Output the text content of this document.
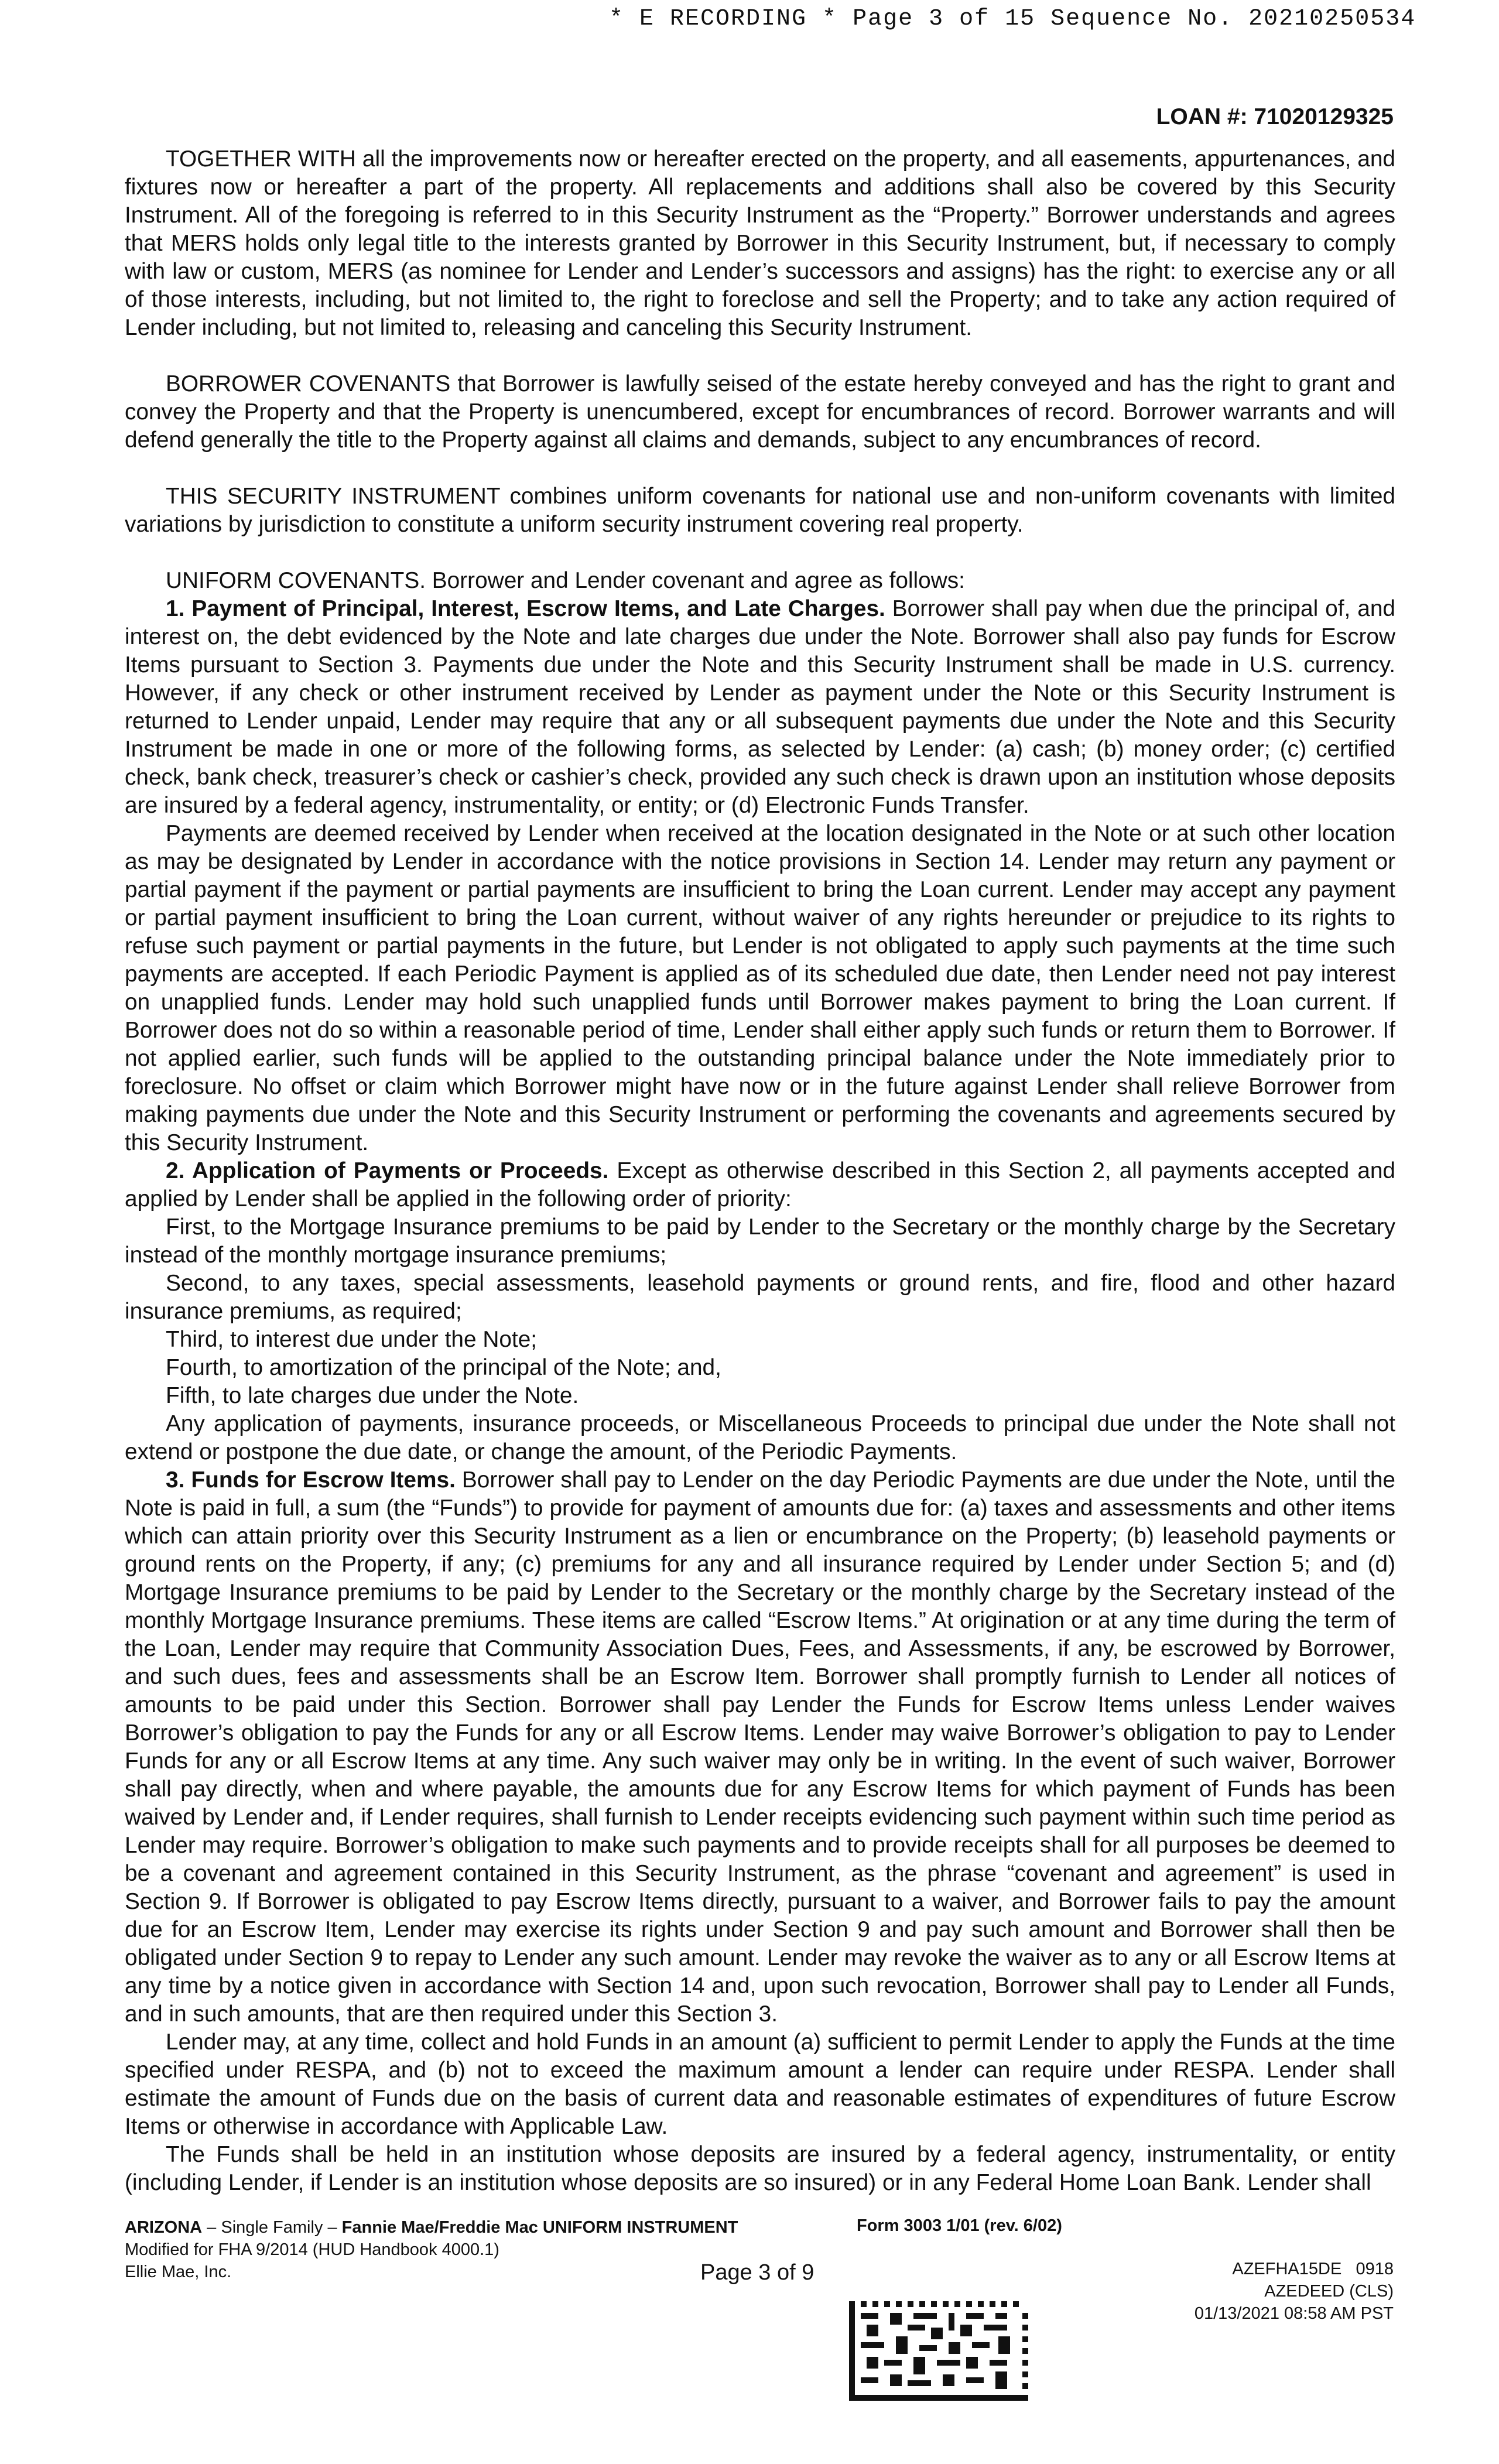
* E RECORDING * Page 3 of 15 Sequence No. 20210250534
LOAN #: 71020129325

TOGETHER WITH all the improvements now or hereafter erected on the property, and all easements, appurtenances, and fixtures now or hereafter a part of the property. All replacements and additions shall also be covered by this Security Instrument. All of the foregoing is referred to in this Security Instrument as the “Property.” Borrower understands and agrees that MERS holds only legal title to the interests granted by Borrower in this Security Instrument, but, if necessary to comply with law or custom, MERS (as nominee for Lender and Lender’s successors and assigns) has the right: to exercise any or all of those interests, including, but not limited to, the right to foreclose and sell the Property; and to take any action required of Lender including, but not limited to, releasing and canceling this Security Instrument.

BORROWER COVENANTS that Borrower is lawfully seised of the estate hereby conveyed and has the right to grant and convey the Property and that the Property is unencumbered, except for encumbrances of record. Borrower warrants and will defend generally the title to the Property against all claims and demands, subject to any encumbrances of record.

THIS SECURITY INSTRUMENT combines uniform covenants for national use and non-uniform covenants with limited variations by jurisdiction to constitute a uniform security instrument covering real property.

UNIFORM COVENANTS. Borrower and Lender covenant and agree as follows:

1. Payment of Principal, Interest, Escrow Items, and Late Charges. Borrower shall pay when due the principal of, and interest on, the debt evidenced by the Note and late charges due under the Note. Borrower shall also pay funds for Escrow Items pursuant to Section 3. Payments due under the Note and this Security Instrument shall be made in U.S. currency. However, if any check or other instrument received by Lender as payment under the Note or this Security Instrument is returned to Lender unpaid, Lender may require that any or all subsequent payments due under the Note and this Security Instrument be made in one or more of the following forms, as selected by Lender: (a) cash; (b) money order; (c) certified check, bank check, treasurer’s check or cashier’s check, provided any such check is drawn upon an institution whose deposits are insured by a federal agency, instrumentality, or entity; or (d) Electronic Funds Transfer.

Payments are deemed received by Lender when received at the location designated in the Note or at such other location as may be designated by Lender in accordance with the notice provisions in Section 14. Lender may return any payment or partial payment if the payment or partial payments are insufficient to bring the Loan current. Lender may accept any payment or partial payment insufficient to bring the Loan current, without waiver of any rights hereunder or prejudice to its rights to refuse such payment or partial payments in the future, but Lender is not obligated to apply such payments at the time such payments are accepted. If each Periodic Payment is applied as of its scheduled due date, then Lender need not pay interest on unapplied funds. Lender may hold such unapplied funds until Borrower makes payment to bring the Loan current. If Borrower does not do so within a reasonable period of time, Lender shall either apply such funds or return them to Borrower. If not applied earlier, such funds will be applied to the outstanding principal balance under the Note immediately prior to foreclosure. No offset or claim which Borrower might have now or in the future against Lender shall relieve Borrower from making payments due under the Note and this Security Instrument or performing the covenants and agreements secured by this Security Instrument.

2. Application of Payments or Proceeds. Except as otherwise described in this Section 2, all payments accepted and applied by Lender shall be applied in the following order of priority:

First, to the Mortgage Insurance premiums to be paid by Lender to the Secretary or the monthly charge by the Secretary instead of the monthly mortgage insurance premiums;

Second, to any taxes, special assessments, leasehold payments or ground rents, and fire, flood and other hazard insurance premiums, as required;

Third, to interest due under the Note;

Fourth, to amortization of the principal of the Note; and,

Fifth, to late charges due under the Note.

Any application of payments, insurance proceeds, or Miscellaneous Proceeds to principal due under the Note shall not extend or postpone the due date, or change the amount, of the Periodic Payments.

3. Funds for Escrow Items. Borrower shall pay to Lender on the day Periodic Payments are due under the Note, until the Note is paid in full, a sum (the “Funds”) to provide for payment of amounts due for: (a) taxes and assessments and other items which can attain priority over this Security Instrument as a lien or encumbrance on the Property; (b) leasehold payments or ground rents on the Property, if any; (c) premiums for any and all insurance required by Lender under Section 5; and (d) Mortgage Insurance premiums to be paid by Lender to the Secretary or the monthly charge by the Secretary instead of the monthly Mortgage Insurance premiums. These items are called “Escrow Items.” At origination or at any time during the term of the Loan, Lender may require that Community Association Dues, Fees, and Assessments, if any, be escrowed by Borrower, and such dues, fees and assessments shall be an Escrow Item. Borrower shall promptly furnish to Lender all notices of amounts to be paid under this Section. Borrower shall pay Lender the Funds for Escrow Items unless Lender waives Borrower’s obligation to pay the Funds for any or all Escrow Items. Lender may waive Borrower’s obligation to pay to Lender Funds for any or all Escrow Items at any time. Any such waiver may only be in writing. In the event of such waiver, Borrower shall pay directly, when and where payable, the amounts due for any Escrow Items for which payment of Funds has been waived by Lender and, if Lender requires, shall furnish to Lender receipts evidencing such payment within such time period as Lender may require. Borrower’s obligation to make such payments and to provide receipts shall for all purposes be deemed to be a covenant and agreement contained in this Security Instrument, as the phrase “covenant and agreement” is used in Section 9. If Borrower is obligated to pay Escrow Items directly, pursuant to a waiver, and Borrower fails to pay the amount due for an Escrow Item, Lender may exercise its rights under Section 9 and pay such amount and Borrower shall then be obligated under Section 9 to repay to Lender any such amount. Lender may revoke the waiver as to any or all Escrow Items at any time by a notice given in accordance with Section 14 and, upon such revocation, Borrower shall pay to Lender all Funds, and in such amounts, that are then required under this Section 3.

Lender may, at any time, collect and hold Funds in an amount (a) sufficient to permit Lender to apply the Funds at the time specified under RESPA, and (b) not to exceed the maximum amount a lender can require under RESPA. Lender shall estimate the amount of Funds due on the basis of current data and reasonable estimates of expenditures of future Escrow Items or otherwise in accordance with Applicable Law.

The Funds shall be held in an institution whose deposits are insured by a federal agency, instrumentality, or entity (including Lender, if Lender is an institution whose deposits are so insured) or in any Federal Home Loan Bank. Lender shall

ARIZONA – Single Family – Fannie Mae/Freddie Mac UNIFORM INSTRUMENT
Modified for FHA 9/2014 (HUD Handbook 4000.1)
Ellie Mae, Inc.
Form 3003 1/01 (rev. 6/02)
Page 3 of 9	AZEFHA15DE   0918
AZEDEED (CLS)
01/13/2021 08:58 AM PST
